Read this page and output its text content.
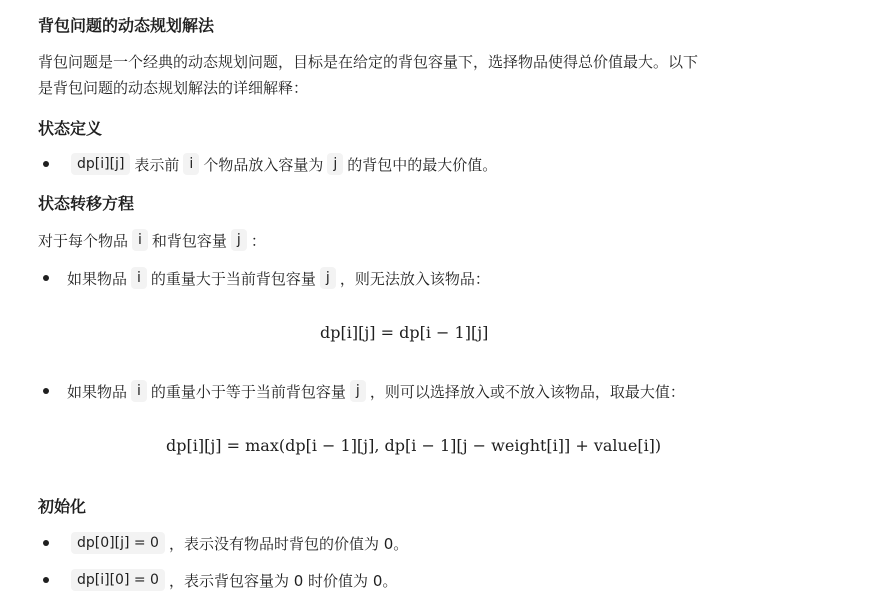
背包问题的动态规划解法
背包问题是一个经典的动态规划问题，目标是在给定的背包容量下，选择物品使得总价值最大。以下
是背包问题的动态规划解法的详细解释：
状态定义
dp[i][j] 表示前 i 个物品放入容量为 j 的背包中的最大价值。
状态转移方程
对于每个物品 i 和背包容量 j ：
如果物品 i 的重量大于当前背包容量 j ，则无法放入该物品：
dp[i][j] = dp[i − 1][j]
如果物品 i 的重量小于等于当前背包容量 j ，则可以选择放入或不放入该物品，取最大值：
dp[i][j] = max(dp[i − 1][j], dp[i − 1][j − weight[i]] + value[i])
初始化
dp[0][j] = 0 ，表示没有物品时背包的价值为 0。
dp[i][0] = 0 ，表示背包容量为 0 时价值为 0。
